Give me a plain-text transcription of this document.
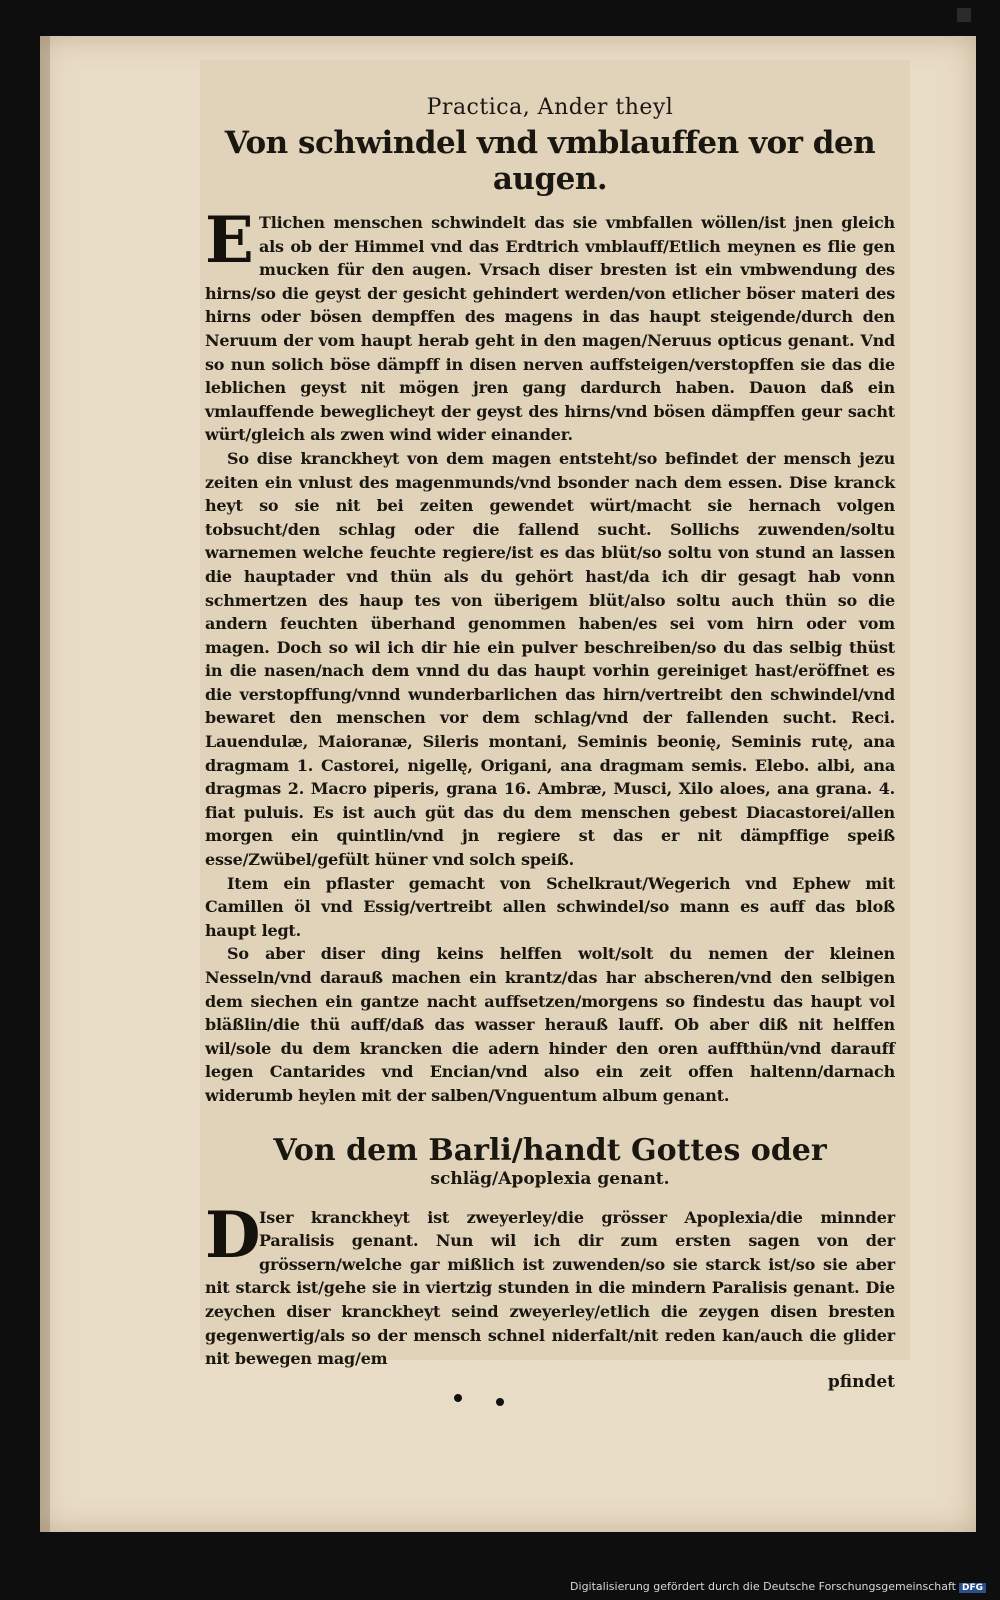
Practica, Ander theyl
Von schwindel vnd vmblauffen vor den augen.

E Tlichen menschen schwindelt das sie vmbfallen wöllen/ist jnen gleich als ob der Himmel vnd das Erdtrich vmblauff/Etlich meynen es flie gen mucken für den augen. Vrsach diser bresten ist ein vmbwendung des hirns/so die geyst der gesicht gehindert werden/von etlicher böser materi des hirns oder bösen dempffen des magens in das haupt steigende/durch den Neruum der vom haupt herab geht in den magen/Neruus opticus genant. Vnd so nun solich böse dämpff in disen nerven auffsteigen/verstopffen sie das die leblichen geyst nit mögen jren gang dardurch haben. Dauon daß ein vmlauffende beweglicheyt der geyst des hirns/vnd bösen dämpffen geur sacht würt/gleich als zwen wind wider einander.

So dise kranckheyt von dem magen entsteht/so befindet der mensch jezu zeiten ein vnlust des magenmunds/vnd bsonder nach dem essen. Dise kranck heyt so sie nit bei zeiten gewendet würt/macht sie hernach volgen tobsucht/den schlag oder die fallend sucht. Sollichs zuwenden/soltu warnemen welche feuchte regiere/ist es das blüt/so soltu von stund an lassen die hauptader vnd thün als du gehört hast/da ich dir gesagt hab vonn schmertzen des haup tes von überigem blüt/also soltu auch thün so die andern feuchten überhand genommen haben/es sei vom hirn oder vom magen. Doch so wil ich dir hie ein pulver beschreiben/so du das selbig thüst in die nasen/nach dem vnnd du das haupt vorhin gereiniget hast/eröffnet es die verstopffung/vnnd wunderbarlichen das hirn/vertreibt den schwindel/vnd bewaret den menschen vor dem schlag/vnd der fallenden sucht. Reci. Lauendulæ, Maioranæ, Sileris montani, Seminis beonię, Seminis rutę, ana dragmam 1. Castorei, nigellę, Origani, ana dragmam semis. Elebo. albi, ana dragmas 2. Macro piperis, grana 16. Ambræ, Musci, Xilo aloes, ana grana. 4. fiat puluis. Es ist auch güt das du dem menschen gebest Diacastorei/allen morgen ein quintlin/vnd jn regiere st das er nit dämpffige speiß esse/Zwübel/gefült hüner vnd solch speiß.

Item ein pflaster gemacht von Schelkraut/Wegerich vnd Ephew mit Camillen öl vnd Essig/vertreibt allen schwindel/so mann es auff das bloß haupt legt.

So aber diser ding keins helffen wolt/solt du nemen der kleinen Nesseln/vnd darauß machen ein krantz/das har abscheren/vnd den selbigen dem siechen ein gantze nacht auffsetzen/morgens so findestu das haupt vol bläßlin/die thü auff/daß das wasser herauß lauff. Ob aber diß nit helffen wil/sole du dem krancken die adern hinder den oren auffthün/vnd darauff legen Cantarides vnd Encian/vnd also ein zeit offen haltenn/darnach widerumb heylen mit der salben/Vnguentum album genant.

Von dem Barli/handt Gottes oder
schläg/Apoplexia genant.

D
Iser kranckheyt ist zweyerley/die grösser Apoplexia/die minnder Paralisis genant. Nun wil ich dir zum ersten sagen von der grössern/welche gar mißlich ist zuwenden/so sie starck ist/so sie aber nit starck ist/gehe sie in viertzig stunden in die mindern Paralisis genant. Die zeychen diser kranckheyt seind zweyerley/etlich die zeygen disen bresten gegenwertig/als so der mensch schnel niderfalt/nit reden kan/auch die glider nit bewegen mag/em

pfindet
Digitalisierung gefördert durch die Deutsche Forschungsgemeinschaft DFG
